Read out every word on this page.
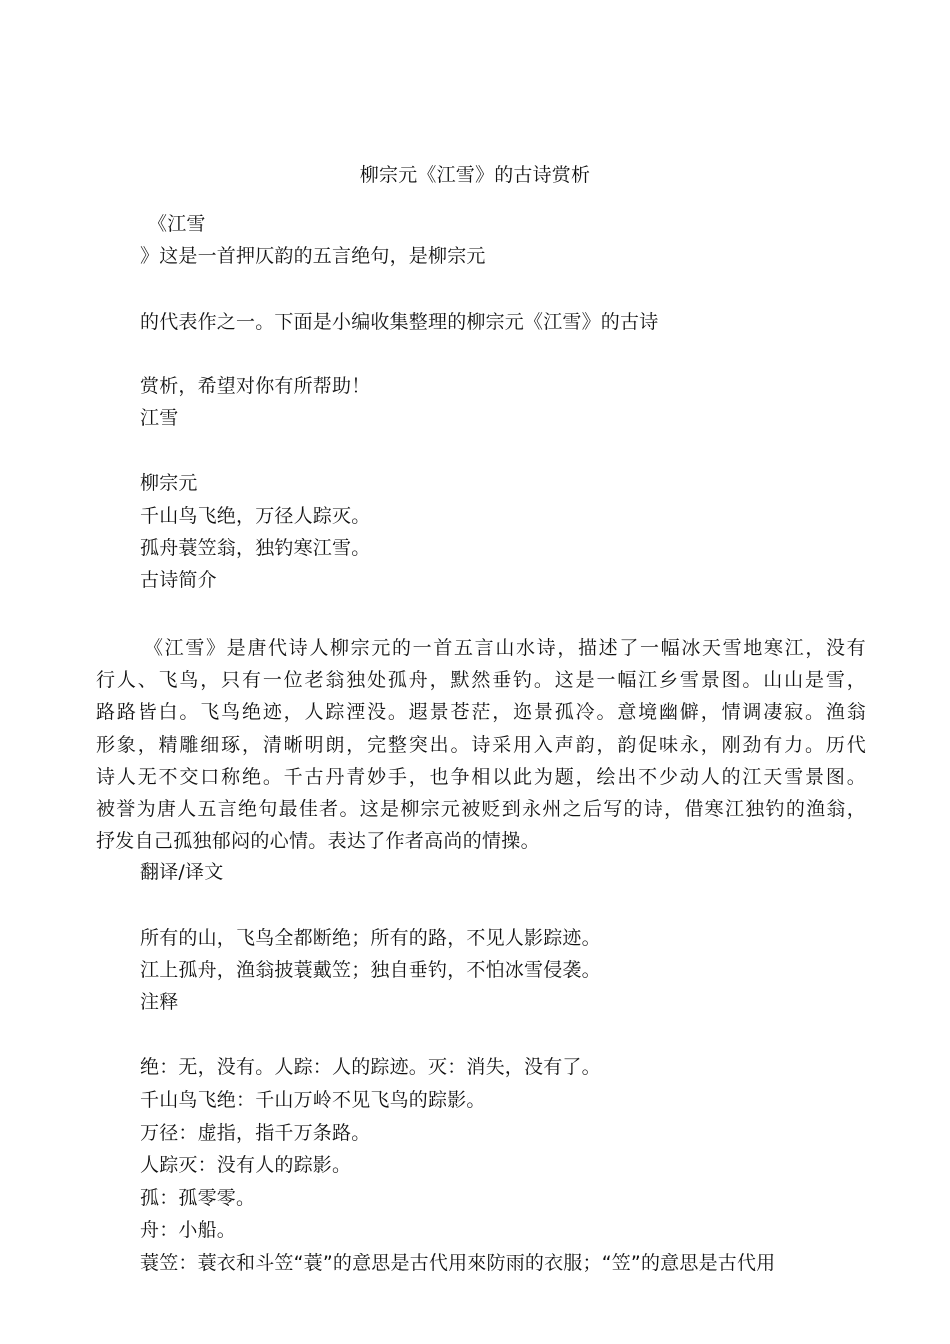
柳宗元《江雪》的古诗赏析
《江雪
》这是一首押仄韵的五言绝句，是柳宗元
的代表作之一。下面是小编收集整理的柳宗元《江雪》的古诗
赏析，希望对你有所帮助！
江雪
柳宗元
千山鸟飞绝，万径人踪灭。
孤舟蓑笠翁，独钓寒江雪。
古诗简介
《江雪》是唐代诗人柳宗元的一首五言山水诗，描述了一幅冰天雪地寒江，没有
行人、飞鸟，只有一位老翁独处孤舟，默然垂钓。这是一幅江乡雪景图。山山是雪，
路路皆白。飞鸟绝迹，人踪湮没。遐景苍茫，迩景孤冷。意境幽僻，情调凄寂。渔翁
形象，精雕细琢，清晰明朗，完整突出。诗采用入声韵，韵促味永，刚劲有力。历代
诗人无不交口称绝。千古丹青妙手，也争相以此为题，绘出不少动人的江天雪景图。
被誉为唐人五言绝句最佳者。这是柳宗元被贬到永州之后写的诗，借寒江独钓的渔翁，
抒发自己孤独郁闷的心情。表达了作者高尚的情操。
翻译/译文
所有的山，飞鸟全都断绝；所有的路，不见人影踪迹。
江上孤舟，渔翁披蓑戴笠；独自垂钓，不怕冰雪侵袭。
注释
绝：无，没有。人踪：人的踪迹。灭：消失，没有了。
千山鸟飞绝：千山万岭不见飞鸟的踪影。
万径：虚指，指千万条路。
人踪灭：没有人的踪影。
孤：孤零零。
舟：小船。
蓑笠：蓑衣和斗笠“蓑”的意思是古代用來防雨的衣服；“笠”的意思是古代用
